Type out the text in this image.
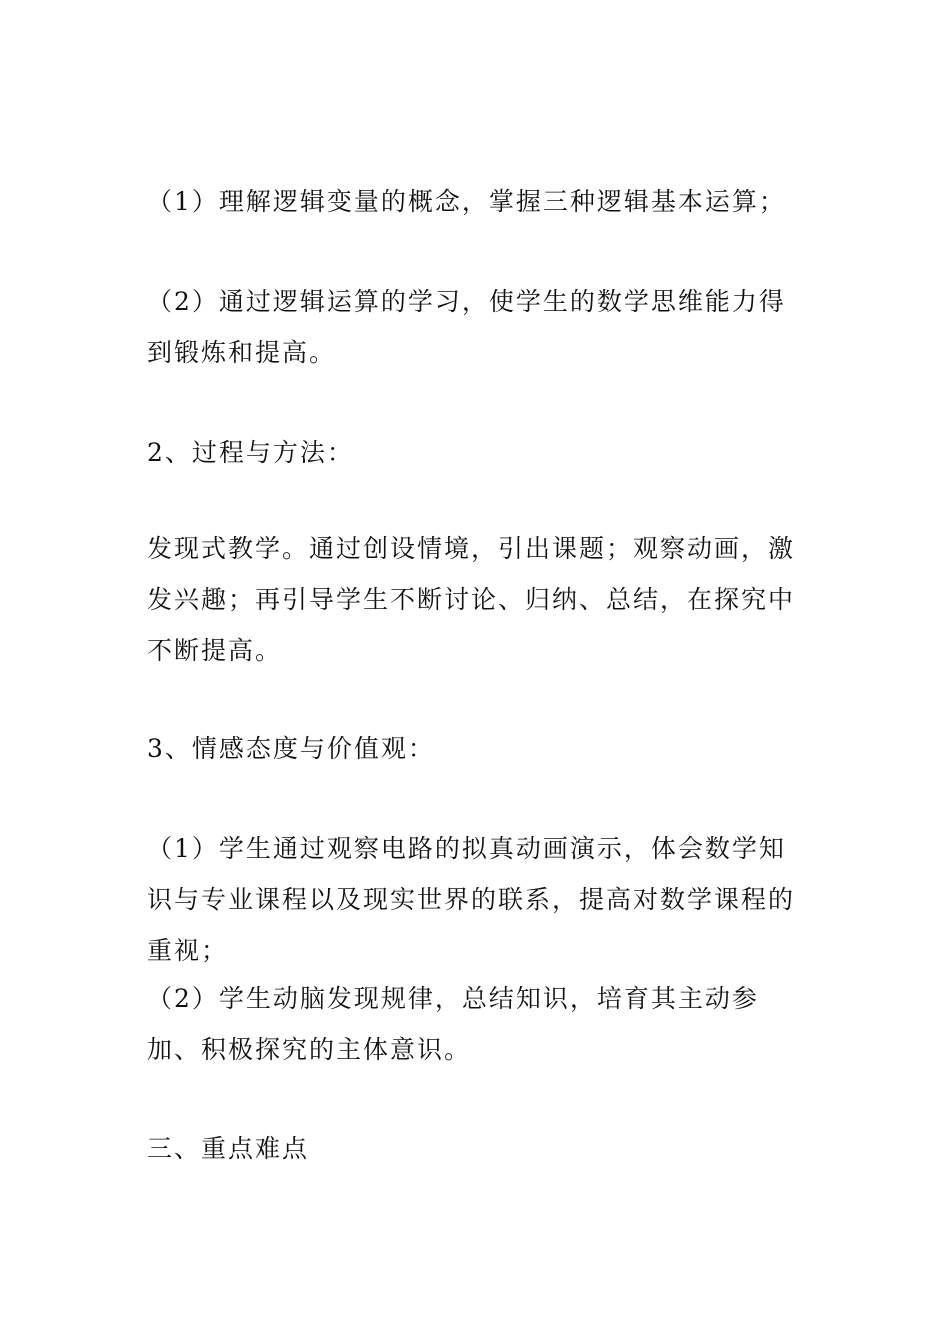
（1）理解逻辑变量的概念，掌握三种逻辑基本运算；

（2）通过逻辑运算的学习，使学生的数学思维能力得到锻炼和提高。

2、过程与方法：

发现式教学。通过创设情境，引出课题；观察动画，激发兴趣；再引导学生不断讨论、归纳、总结，在探究中不断提高。

3、情感态度与价值观：

（1）学生通过观察电路的拟真动画演示，体会数学知识与专业课程以及现实世界的联系，提高对数学课程的重视；

（2）学生动脑发现规律，总结知识，培育其主动参加、积极探究的主体意识。

三、重点难点
